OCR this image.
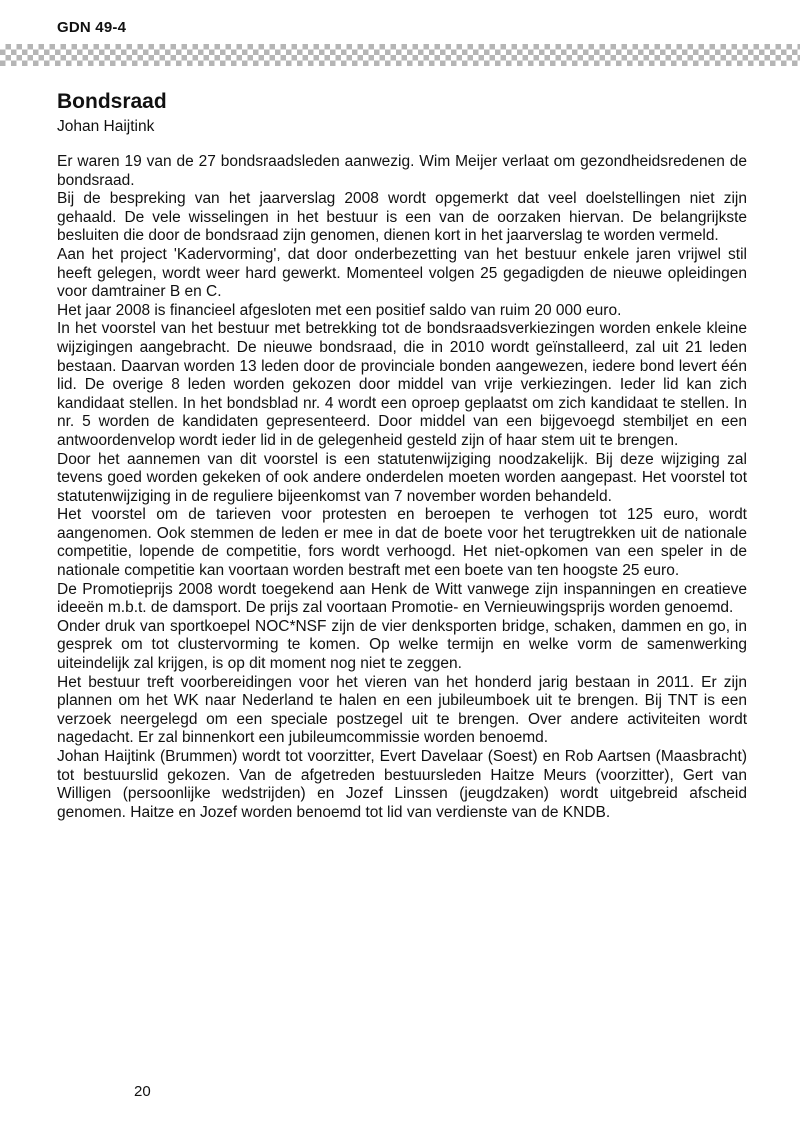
GDN 49-4
Bondsraad
Johan Haijtink

Er waren 19 van de 27 bondsraadsleden aanwezig. Wim Meijer verlaat om gezondheidsredenen de bondsraad.

Bij de bespreking van het jaarverslag 2008 wordt opgemerkt dat veel doelstellingen niet zijn gehaald. De vele wisselingen in het bestuur is een van de oorzaken hiervan. De belangrijkste besluiten die door de bondsraad zijn genomen, dienen kort in het jaarverslag te worden vermeld.

Aan het project 'Kadervorming', dat door onderbezetting van het bestuur enkele jaren vrijwel stil heeft gelegen, wordt weer hard gewerkt. Momenteel volgen 25 gegadigden de nieuwe opleidingen voor damtrainer B en C.

Het jaar 2008 is financieel afgesloten met een positief saldo van ruim 20 000 euro.

In het voorstel van het bestuur met betrekking tot de bondsraadsverkiezingen worden enkele kleine wijzigingen aangebracht. De nieuwe bondsraad, die in 2010 wordt geïnstalleerd, zal uit 21 leden bestaan. Daarvan worden 13 leden door de provinciale bonden aangewezen, iedere bond levert één lid. De overige 8 leden worden gekozen door middel van vrije verkiezingen. Ieder lid kan zich kandidaat stellen. In het bondsblad nr. 4 wordt een oproep geplaatst om zich kandidaat te stellen. In nr. 5 worden de kandidaten gepresenteerd. Door middel van een bijgevoegd stembiljet en een antwoordenvelop wordt ieder lid in de gelegenheid gesteld zijn of haar stem uit te brengen.

Door het aannemen van dit voorstel is een statutenwijziging noodzakelijk. Bij deze wijziging zal tevens goed worden gekeken of ook andere onderdelen moeten worden aangepast. Het voorstel tot statutenwijziging in de reguliere bijeenkomst van 7 november worden behandeld.

Het voorstel om de tarieven voor protesten en beroepen te verhogen tot 125 euro, wordt aangenomen. Ook stemmen de leden er mee in dat de boete voor het terugtrekken uit de nationale competitie, lopende de competitie, fors wordt verhoogd. Het niet-opkomen van een speler in de nationale competitie kan voortaan worden bestraft met een boete van ten hoogste 25 euro.

De Promotieprijs 2008 wordt toegekend aan Henk de Witt vanwege zijn inspanningen en creatieve ideeën m.b.t. de damsport. De prijs zal voortaan Promotie- en Vernieuwingsprijs worden genoemd.

Onder druk van sportkoepel NOC*NSF zijn de vier denksporten bridge, schaken, dammen en go, in gesprek om tot clustervorming te komen. Op welke termijn en welke vorm de samenwerking uiteindelijk zal krijgen, is op dit moment nog niet te zeggen.

Het bestuur treft voorbereidingen voor het vieren van het honderd jarig bestaan in 2011. Er zijn plannen om het WK naar Nederland te halen en een jubileumboek uit te brengen. Bij TNT is een verzoek neergelegd om een speciale postzegel uit te brengen. Over andere activiteiten wordt nagedacht. Er zal binnenkort een jubileumcommissie worden benoemd.

Johan Haijtink (Brummen) wordt tot voorzitter, Evert Davelaar (Soest) en Rob Aartsen (Maasbracht) tot bestuurslid gekozen. Van de afgetreden bestuursleden Haitze Meurs (voorzitter), Gert van Willigen (persoonlijke wedstrijden) en Jozef Linssen (jeugdzaken) wordt uitgebreid afscheid genomen. Haitze en Jozef worden benoemd tot lid van verdienste van de KNDB.

20
